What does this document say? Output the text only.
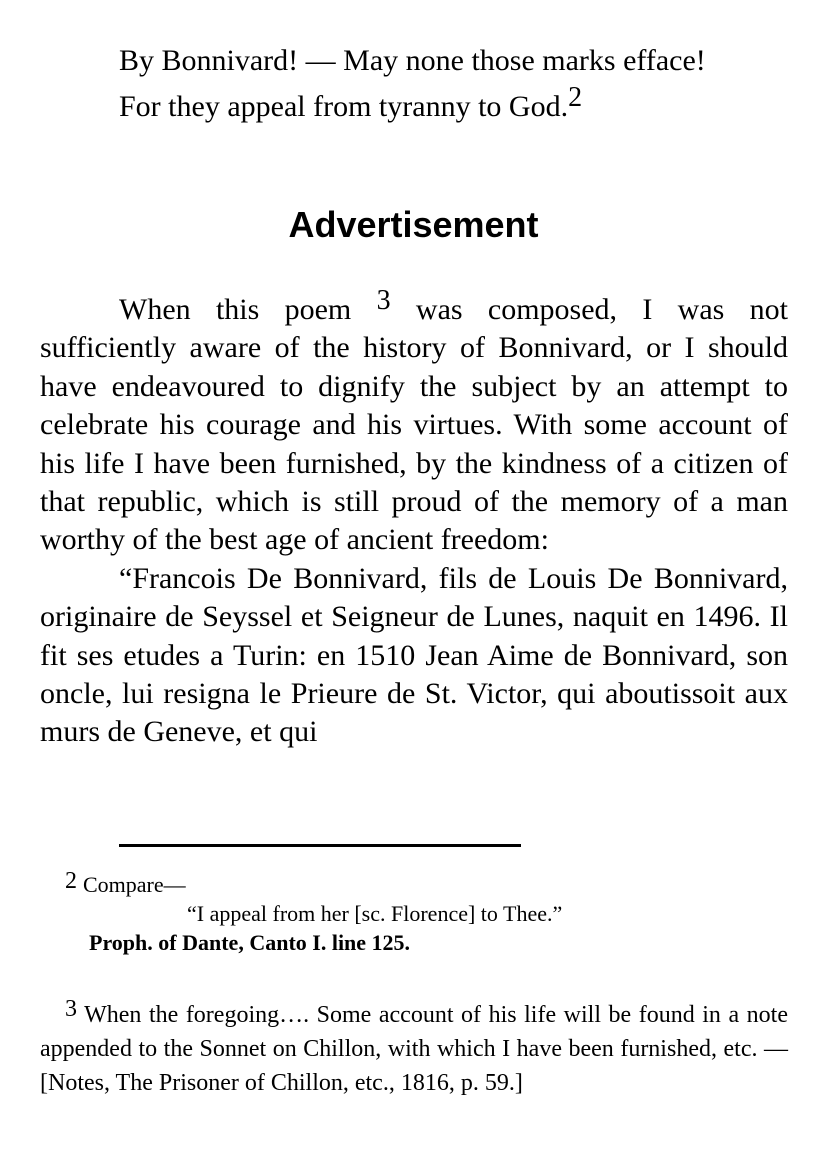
By Bonnivard! — May none those marks efface!

For they appeal from tyranny to God.$^2$

Advertisement

When this poem $^3$ was composed, I was not sufficiently aware of the history of Bonnivard, or I should have endeavoured to dignify the subject by an attempt to celebrate his courage and his virtues. With some account of his life I have been furnished, by the kindness of a citizen of that republic, which is still proud of the memory of a man worthy of the best age of ancient freedom:

“Francois De Bonnivard, fils de Louis De Bonnivard, originaire de Seyssel et Seigneur de Lunes, naquit en 1496. Il fit ses etudes a Turin: en 1510 Jean Aime de Bonnivard, son oncle, lui resigna le Prieure de St. Victor, qui aboutissoit aux murs de Geneve, et qui

2 Compare—
“I appeal from her [sc. Florence] to Thee.”
Proph. of Dante, Canto I. line 125.

3 When the foregoing…. Some account of his life will be found in a note appended to the Sonnet on Chillon, with which I have been furnished, etc. — [Notes, The Prisoner of Chillon, etc., 1816, p. 59.]
